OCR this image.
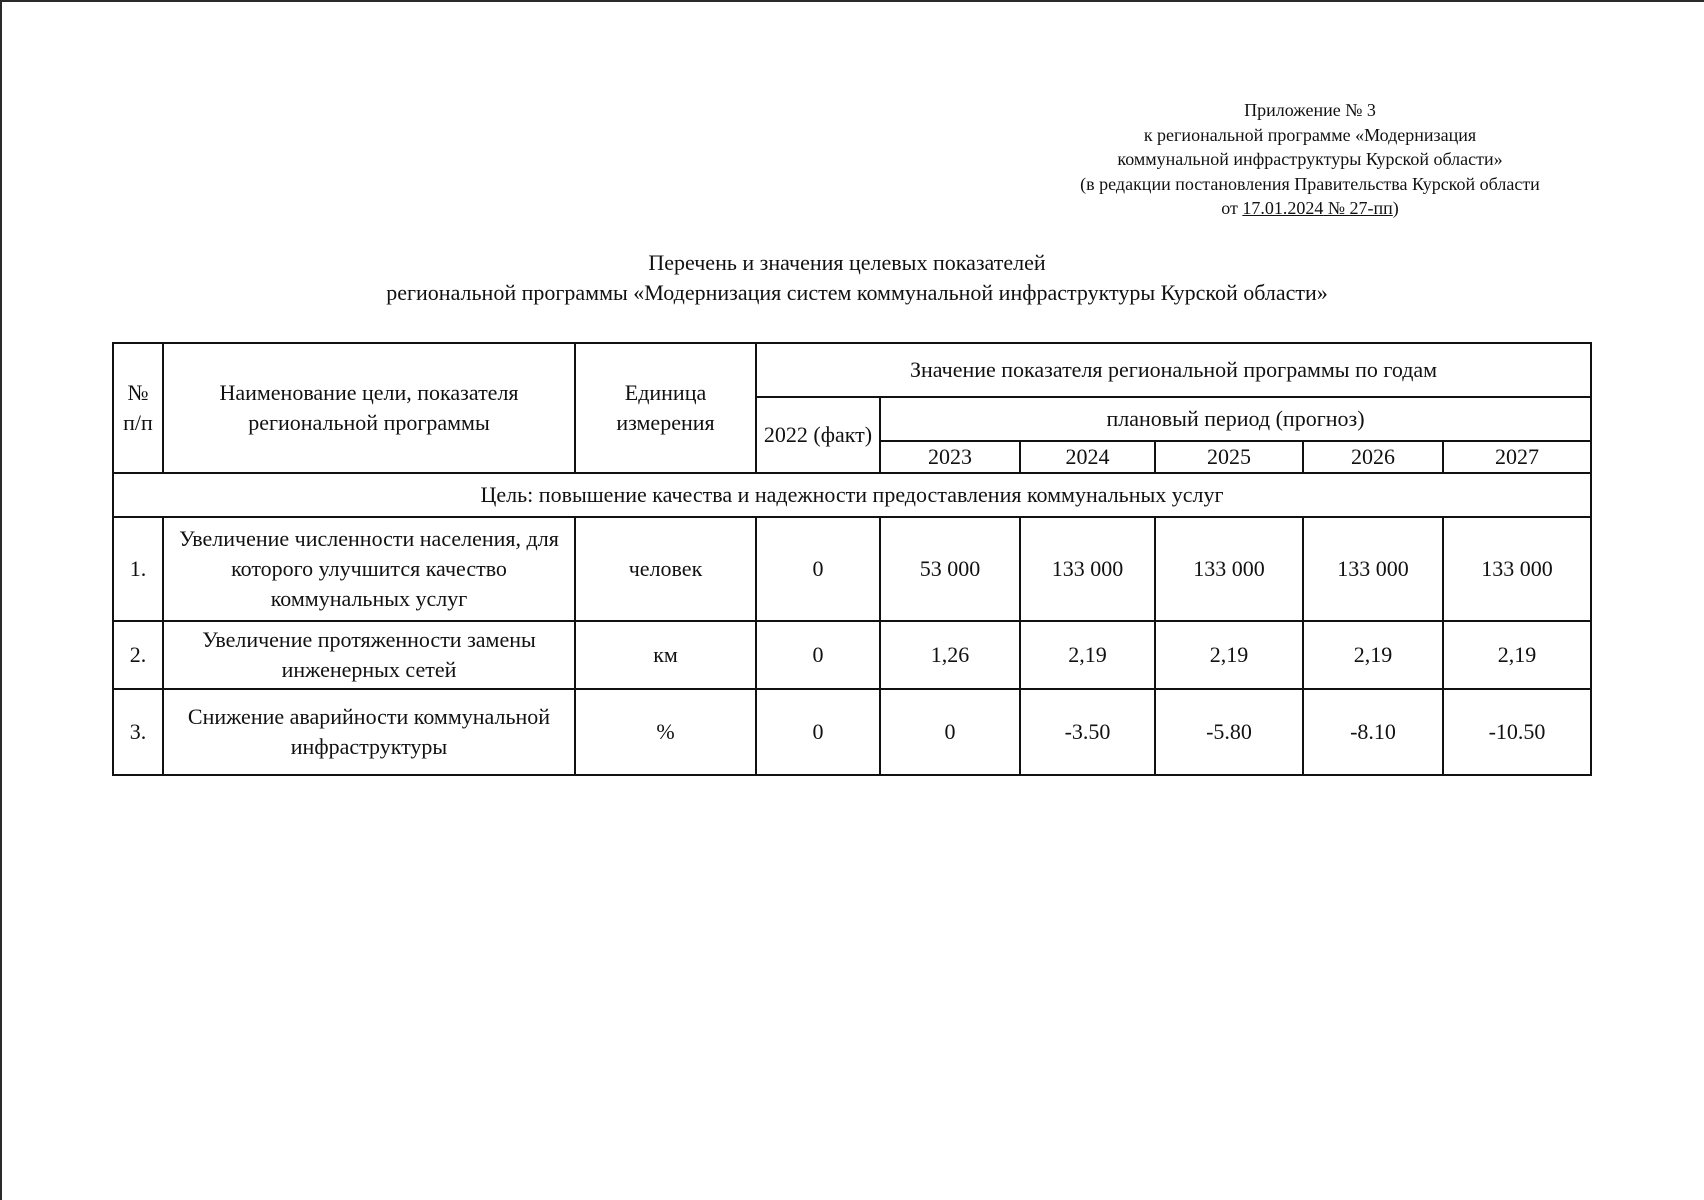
Приложение № 3
к региональной программе «Модернизация
коммунальной инфраструктуры Курской области»
(в редакции постановления Правительства Курской области
от 17.01.2024 № 27-пп)
Перечень и значения целевых показателей
региональной программы «Модернизация систем коммунальной инфраструктуры Курской области»
№ п/п	Наименование цели, показателя региональной программы	Единица измерения	Значение показателя региональной программы по годам					
			2022 (факт)	плановый период (прогноз)				
				2023	2024	2025	2026	2027
Цель: повышение качества и надежности предоставления коммунальных услуг								
1.	Увеличение численности населения, для которого улучшится качество коммунальных услуг	человек	0	53 000	133 000	133 000	133 000	133 000
2.	Увеличение протяженности замены инженерных сетей	км	0	1,26	2,19	2,19	2,19	2,19
3.	Снижение аварийности коммунальной инфраструктуры	%	0	0	-3.50	-5.80	-8.10	-10.50
